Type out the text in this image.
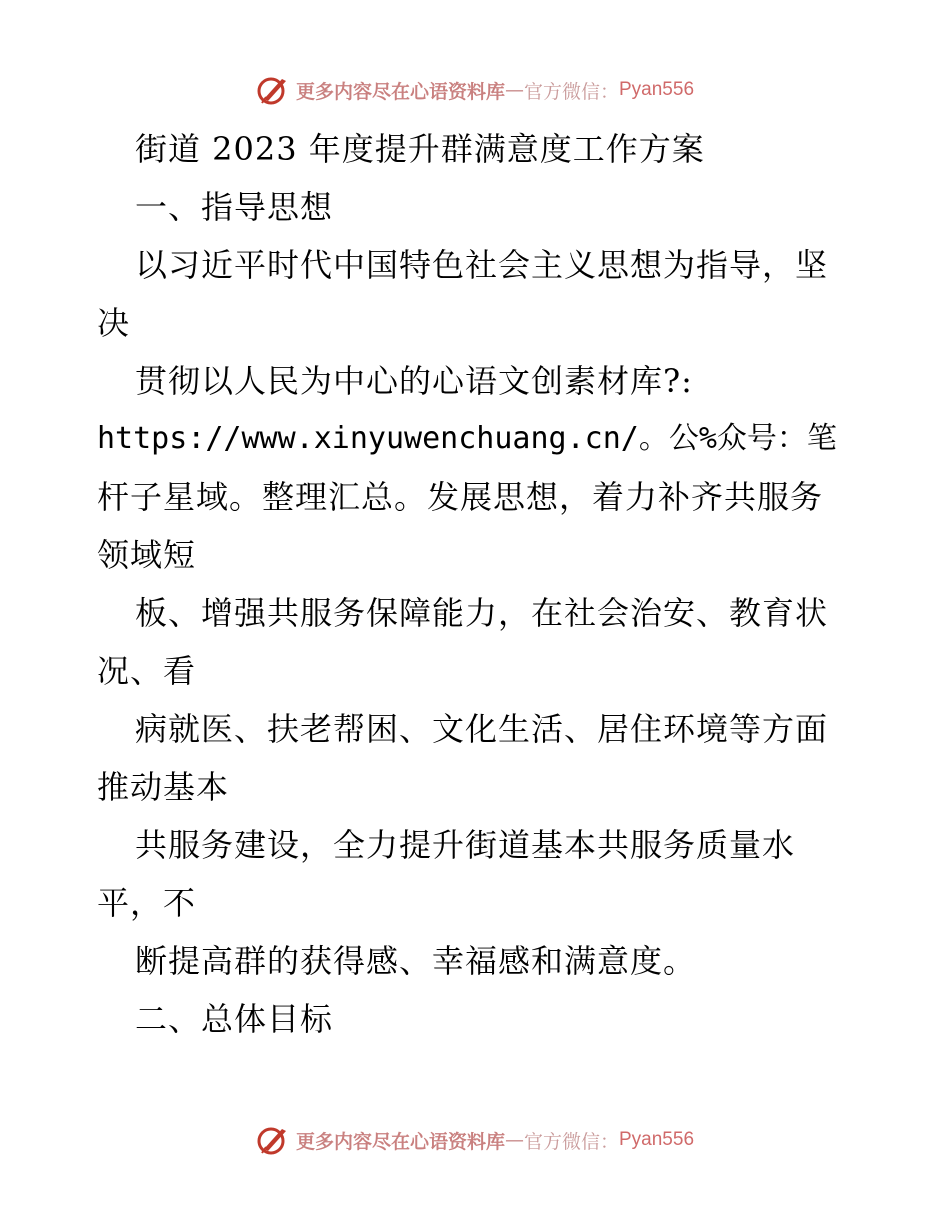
更多内容尽在心语资料库 — 官方微信： Pyan556
街道 2023 年度提升群满意度工作方案
一、指导思想
以习近平时代中国特色社会主义思想为指导，坚
决
贯彻以人民为中心的心语文创素材库?:
https://www.xinyuwenchuang.cn/。公%众号：笔
杆子星域。整理汇总。发展思想，着力补齐共服务
领域短
板、增强共服务保障能力，在社会治安、教育状
况、看
病就医、扶老帮困、文化生活、居住环境等方面
推动基本
共服务建设，全力提升街道基本共服务质量水
平，不
断提高群的获得感、幸福感和满意度。
二、总体目标
更多内容尽在心语资料库 — 官方微信： Pyan556
